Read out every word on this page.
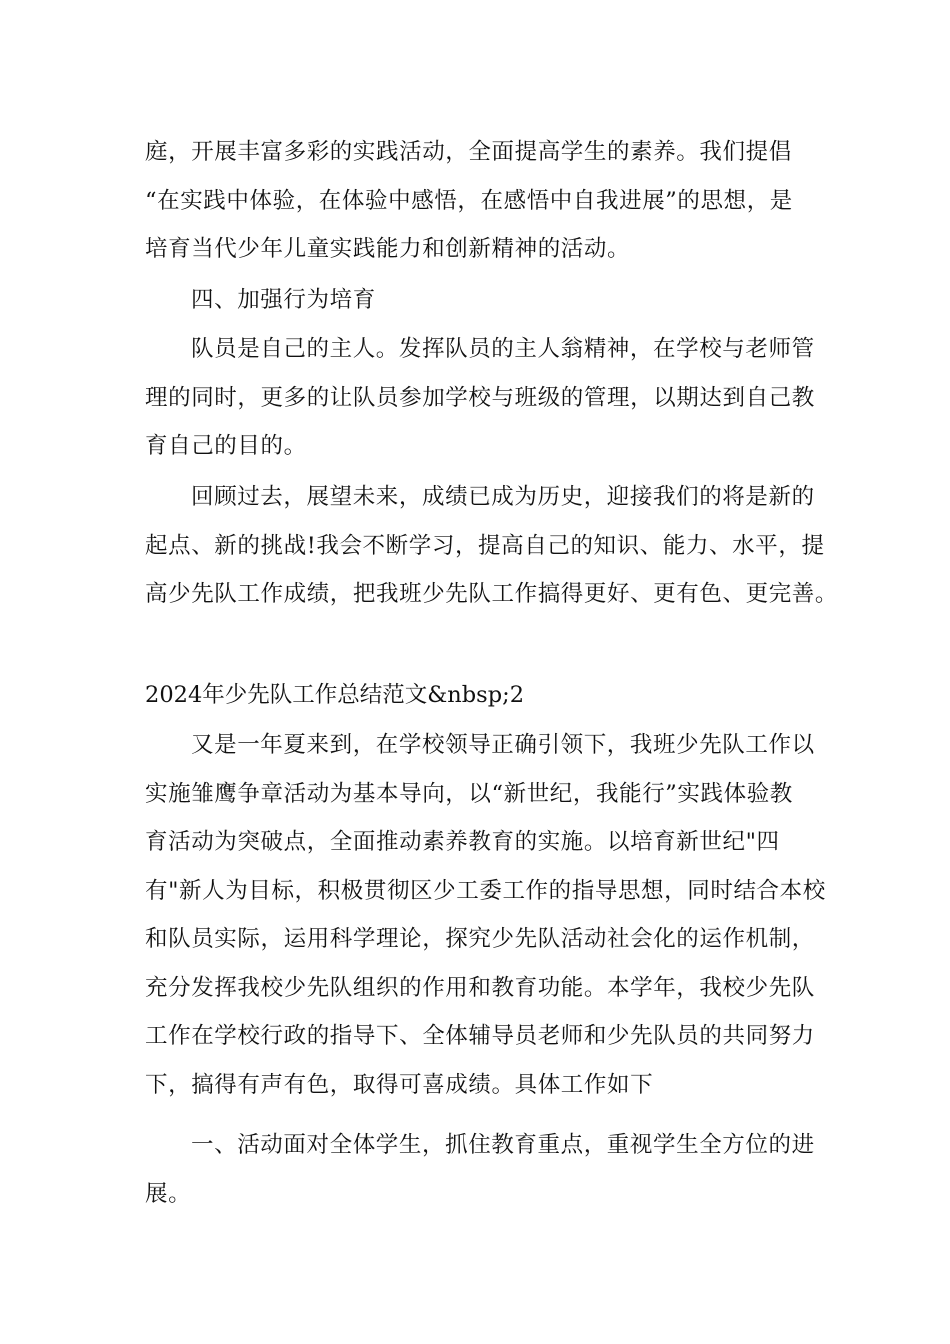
庭，开展丰富多彩的实践活动，全面提高学生的素养。我们提倡
“在实践中体验，在体验中感悟，在感悟中自我进展”的思想，是
培育当代少年儿童实践能力和创新精神的活动。
四、加强行为培育
队员是自己的主人。发挥队员的主人翁精神，在学校与老师管
理的同时，更多的让队员参加学校与班级的管理，以期达到自己教
育自己的目的。
回顾过去，展望未来，成绩已成为历史，迎接我们的将是新的
起点、新的挑战!我会不断学习，提高自己的知识、能力、水平，提
高少先队工作成绩，把我班少先队工作搞得更好、更有色、更完善。
2024年少先队工作总结范文&nbsp;2
又是一年夏来到，在学校领导正确引领下，我班少先队工作以
实施雏鹰争章活动为基本导向，以“新世纪，我能行”实践体验教
育活动为突破点，全面推动素养教育的实施。以培育新世纪"四
有"新人为目标，积极贯彻区少工委工作的指导思想，同时结合本校
和队员实际，运用科学理论，探究少先队活动社会化的运作机制，
充分发挥我校少先队组织的作用和教育功能。本学年，我校少先队
工作在学校行政的指导下、全体辅导员老师和少先队员的共同努力
下，搞得有声有色，取得可喜成绩。具体工作如下
一、活动面对全体学生，抓住教育重点，重视学生全方位的进
展。
